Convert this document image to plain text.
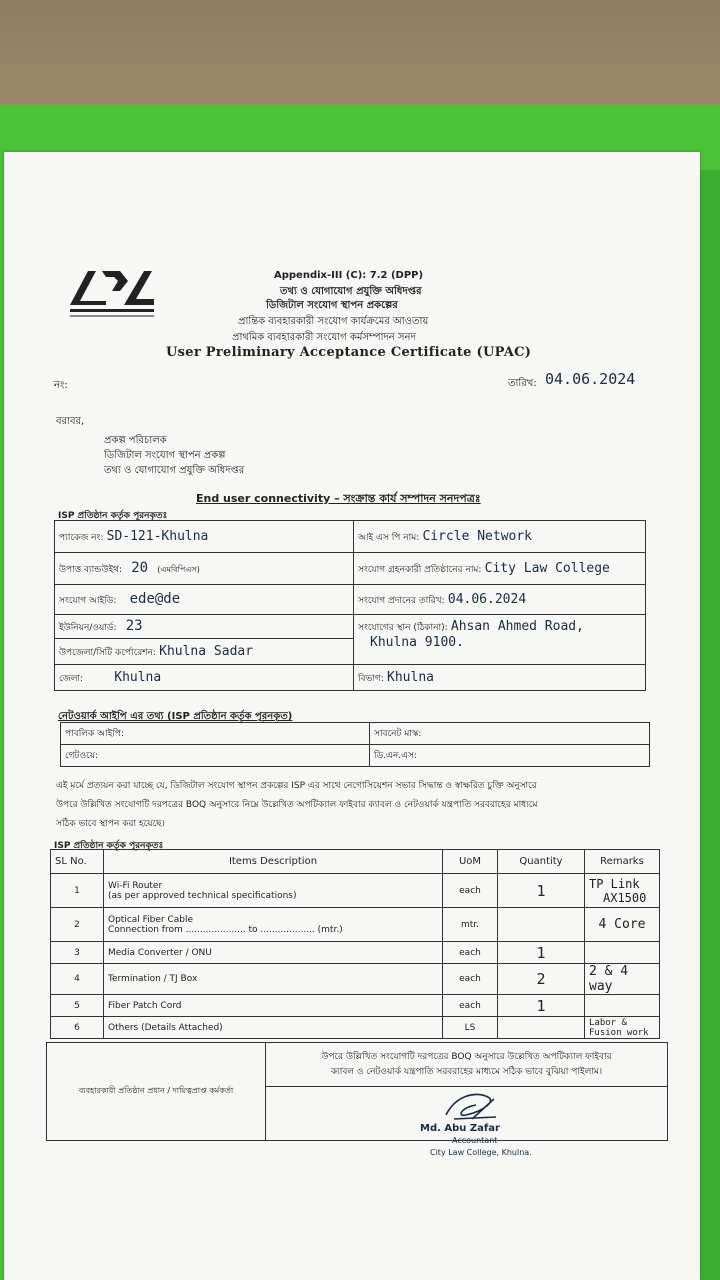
Appendix-III (C): 7.2 (DPP)
তথ্য ও যোগাযোগ প্রযুক্তি অধিদপ্তর
ডিজিটাল সংযোগ স্থাপন প্রকল্পের
প্রান্তিক ব্যবহারকারী সংযোগ কার্যক্রমের আওতায়
প্রাথমিক ব্যবহারকারী সংযোগ কর্মসম্পাদন সনদ
User Preliminary Acceptance Certificate (UPAC)
নং:	তারিখ: 04.06.2024
বরাবর,
প্রকল্প পরিচালক
ডিজিটাল সংযোগ স্থাপন প্রকল্প
তথ্য ও যোগাযোগ প্রযুক্তি অধিদপ্তর
End user connectivity – সংক্রান্ত কার্য সম্পাদন সনদপত্রঃ
ISP প্রতিষ্ঠান কর্তৃক পূরনকৃতঃ
প্যাকেজ নং: SD-121-Khulna	আই এস পি নাম: Circle Network
উপাত্ত ব্যান্ডউইথ: 20 (এমবিপিএস)	সংযোগ গ্রহনকারী প্রতিষ্ঠানের নাম: City Law College
সংযোগ আইডি: ede@de	সংযোগ প্রদানের তারিখ: 04.06.2024
ইউনিয়ন/ওয়ার্ড: 23	সংযোগের স্থান (ঠিকানা): Ahsan Ahmed Road,
Khulna 9100.
উপজেলা/সিটি কর্পোরেশন: Khulna Sadar	
জেলা: Khulna	বিভাগ: Khulna
নেটওয়ার্ক আইপি এর তথ্য (ISP প্রতিষ্ঠান কর্তৃক পূরনকৃত)
পাবলিক আইপি:	সাবনেট মাস্ক:
গেটওয়ে:	ডি.এন.এস:
এই মর্মে প্রত্যয়ন করা যাচ্ছে যে, ডিজিটাল সংযোগ স্থাপন প্রকল্পের ISP এর সাথে নেগোসিয়েশন সভার সিদ্ধান্ত ও স্বাক্ষরিত চুক্তি অনুসারে
উপরে উল্লিখিত সংযোগটি দরপত্রের BOQ অনুসারে নিম্নে উল্লেখিত অপটিক্যাল ফাইবার ক্যাবল ও নেটওয়ার্ক যন্ত্রপাতি সরবরাহের মাধ্যমে
সঠিক ভাবে স্থাপন করা হয়েছে।
ISP প্রতিষ্ঠান কর্তৃক পূরনকৃতঃ
SL No.	Items Description	UoM	Quantity	Remarks
1	Wi-Fi Router
(as per approved technical specifications)	each	1	TP Link
AX1500
2	Optical Fiber Cable
Connection from ..................... to ................... (mtr.)	mtr.		4 Core
3	Media Converter / ONU	each	1	
4	Termination / TJ Box	each	2	2 & 4 way
5	Fiber Patch Cord	each	1	
6	Others (Details Attached)	LS		Labor & Fusion work
ব্যবহারকারী প্রতিষ্ঠান প্রধান / দায়িত্বপ্রাপ্ত কর্মকর্তা	উপরে উল্লিখিত সংযোগটি দরপত্রের BOQ অনুসারে উল্লেখিত অপটিক্যাল ফাইবার
ক্যাবল ও নেটওয়ার্ক যন্ত্রপাতি সরবরাহের মাধ্যমে সঠিক ভাবে বুঝিয়া পাইলাম।

Md. Abu Zafar
Accountant
City Law College, Khulna.
